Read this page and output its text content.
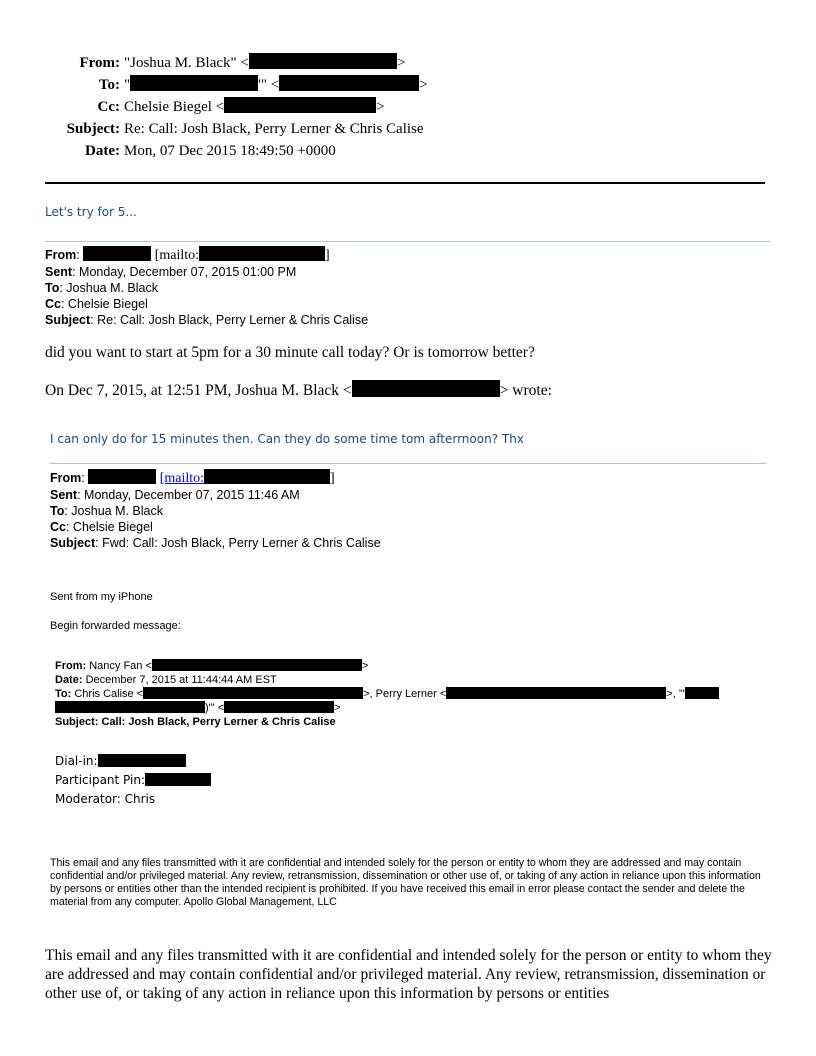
From: "Joshua M. Black" <	>
To: "	'" <	>
Cc: Chelsie Biegel <	>
Subject: Re: Call: Josh Black, Perry Lerner & Chris Calise
Date: Mon, 07 Dec 2015 18:49:50 +0000
Let's try for 5...
From:	[mailto:	]
Sent: Monday, December 07, 2015 01:00 PM
To: Joshua M. Black
Cc: Chelsie Biegel
Subject: Re: Call: Josh Black, Perry Lerner & Chris Calise
did you want to start at 5pm for a 30 minute call today? Or is tomorrow better?
On Dec 7, 2015, at 12:51 PM, Joshua M. Black <	> wrote:
I can only do for 15 minutes then. Can they do some time tom afterrnoon? Thx
From:	[mailto:	]
Sent: Monday, December 07, 2015 11:46 AM
To: Joshua M. Black
Cc: Chelsie Biegel
Subject: Fwd: Call: Josh Black, Perry Lerner & Chris Calise
Sent from my iPhone
Begin forwarded message:
From: Nancy Fan <	>
Date: December 7, 2015 at 11:44:44 AM EST
To: Chris Calise <	>, Perry Lerner <	>, '"
)'" <	>
Subject: Call: Josh Black, Perry Lerner & Chris Calise
Dial-in:
Participant Pin:
Moderator: Chris
This email and any files transmitted with it are confidential and intended solely for the person or entity to whom they are addressed and may contain confidential and/or privileged material. Any review, retransmission, dissemination or other use of, or taking of any action in reliance upon this information by persons or entities other than the intended recipient is prohibited. If you have received this email in error please contact the sender and delete the material from any computer. Apollo Global Management, LLC
This email and any files transmitted with it are confidential and intended solely for the person or entity to whom they are addressed and may contain confidential and/or privileged material. Any review, retransmission, dissemination or other use of, or taking of any action in reliance upon this information by persons or entities
